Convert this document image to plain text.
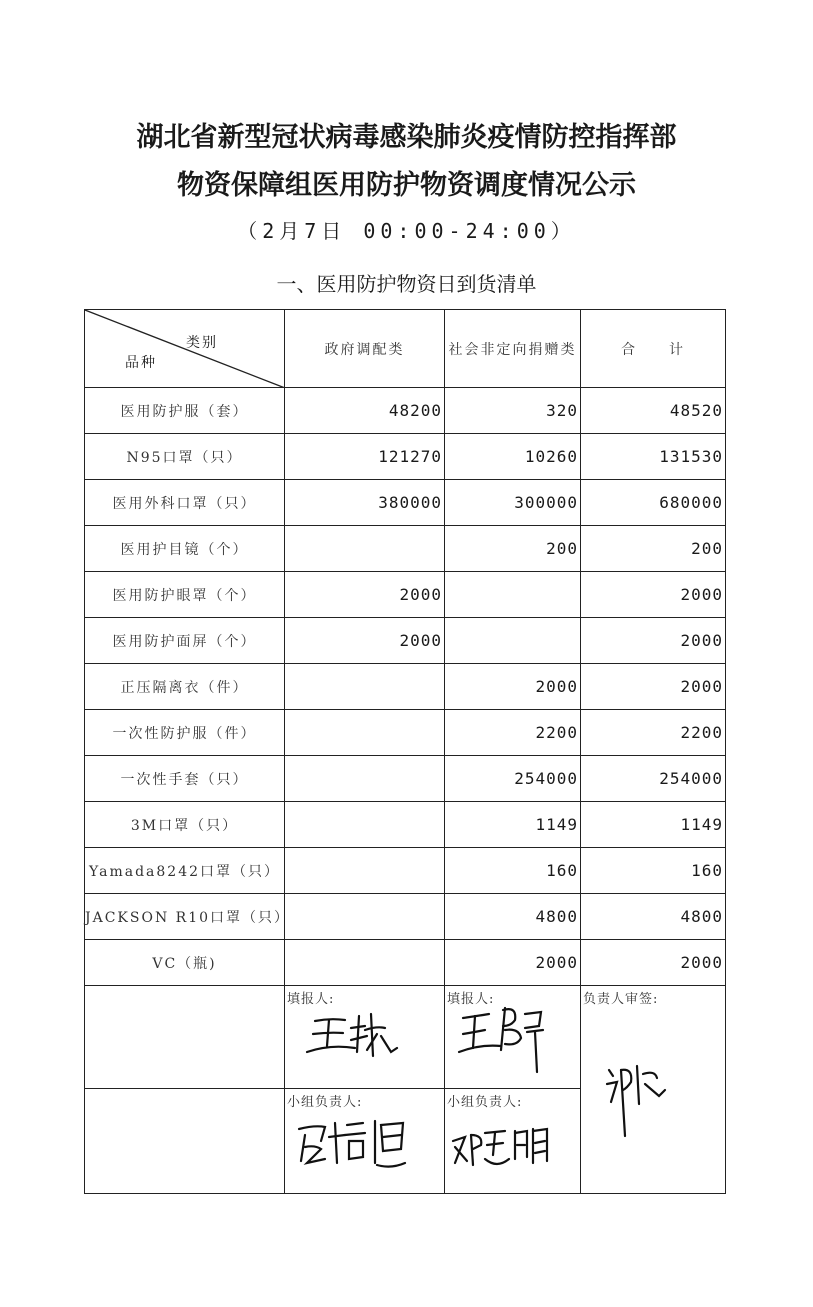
湖北省新型冠状病毒感染肺炎疫情防控指挥部
物资保障组医用防护物资调度情况公示
（2月7日 00:00-24:00）
一、医用防护物资日到货清单
类别
品种	政府调配类	社会非定向捐赠类	合　　计
医用防护服（套）	48200	320	48520
N95口罩（只）	121270	10260	131530
医用外科口罩（只）	380000	300000	680000
医用护目镜（个）		200	200
医用防护眼罩（个）	2000		2000
医用防护面屏（个）	2000		2000
正压隔离衣（件）		2000	2000
一次性防护服（件）		2200	2200
一次性手套（只）		254000	254000
3M口罩（只）		1149	1149
Yamada8242口罩（只）		160	160
JACKSON R10口罩（只）		4800	4800
VC（瓶)		2000	2000

	填报人:	填报人:	负责人审签:

	小组负责人:	小组负责人:	
